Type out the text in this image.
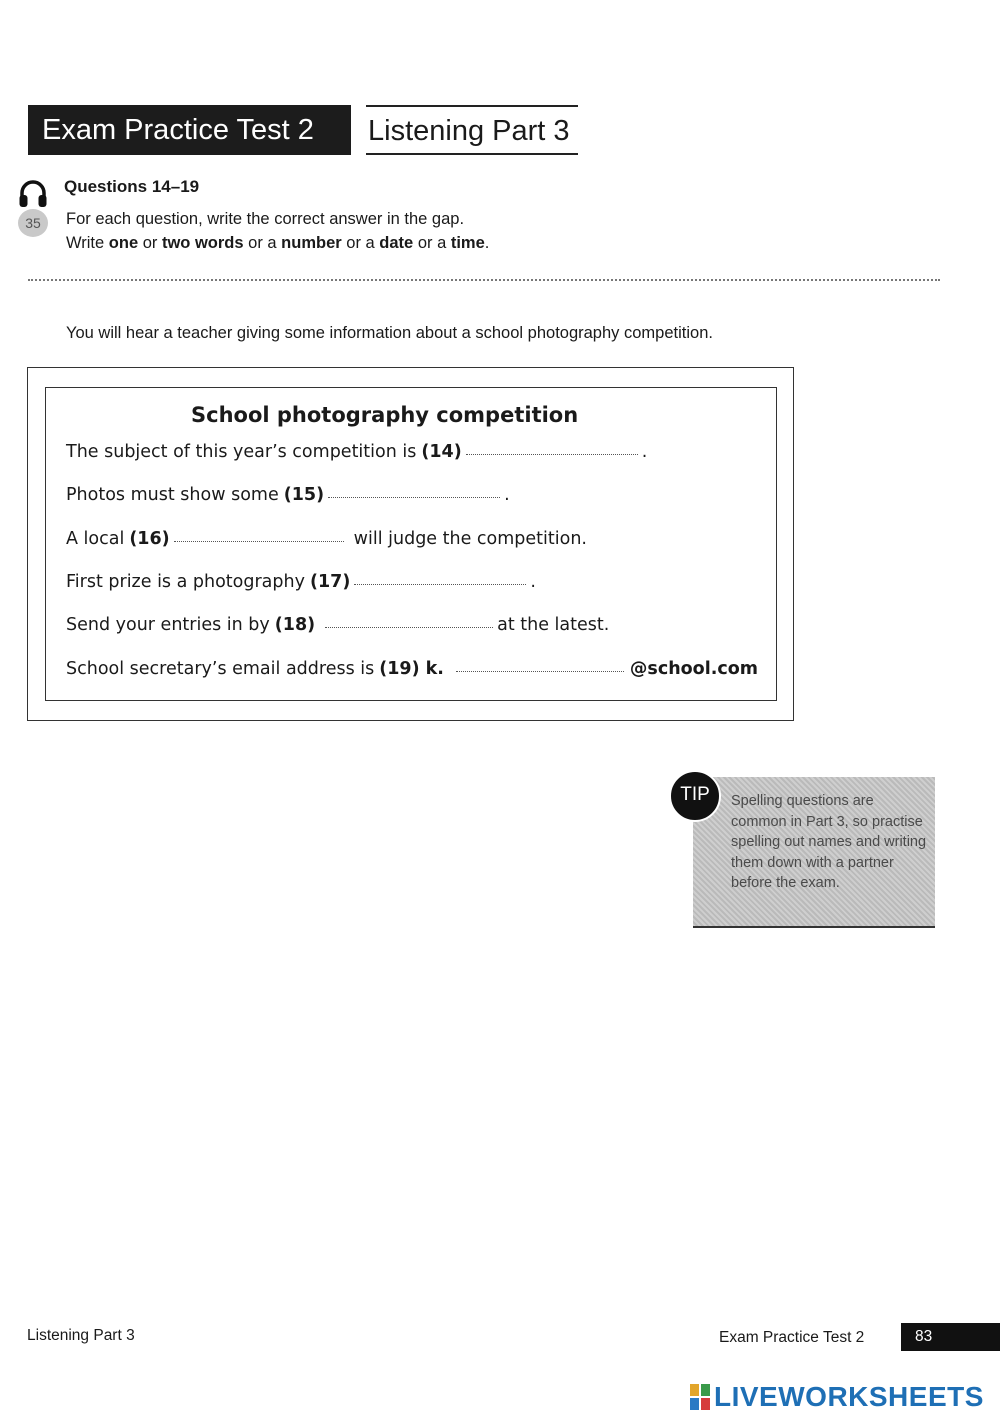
Exam Practice Test 2	Listening Part 3
35
Questions 14–19
For each question, write the correct answer in the gap.
Write one or two words or a number or a date or a time.
You will hear a teacher giving some information about a school photography competition.
School photography competition
The subject of this year’s competition is (14)	.
Photos must show some (15)	.
A local (16)	will judge the competition.
First prize is a photography (17)	.
Send your entries in by (18)	at the latest.
School secretary’s email address is (19) k.	@school.com
Spelling questions are common in Part 3, so practise spelling out names and writing them down with a partner before the exam.
TIP
Listening Part 3	Exam Practice Test 2	83
LIVEWORKSHEETS
